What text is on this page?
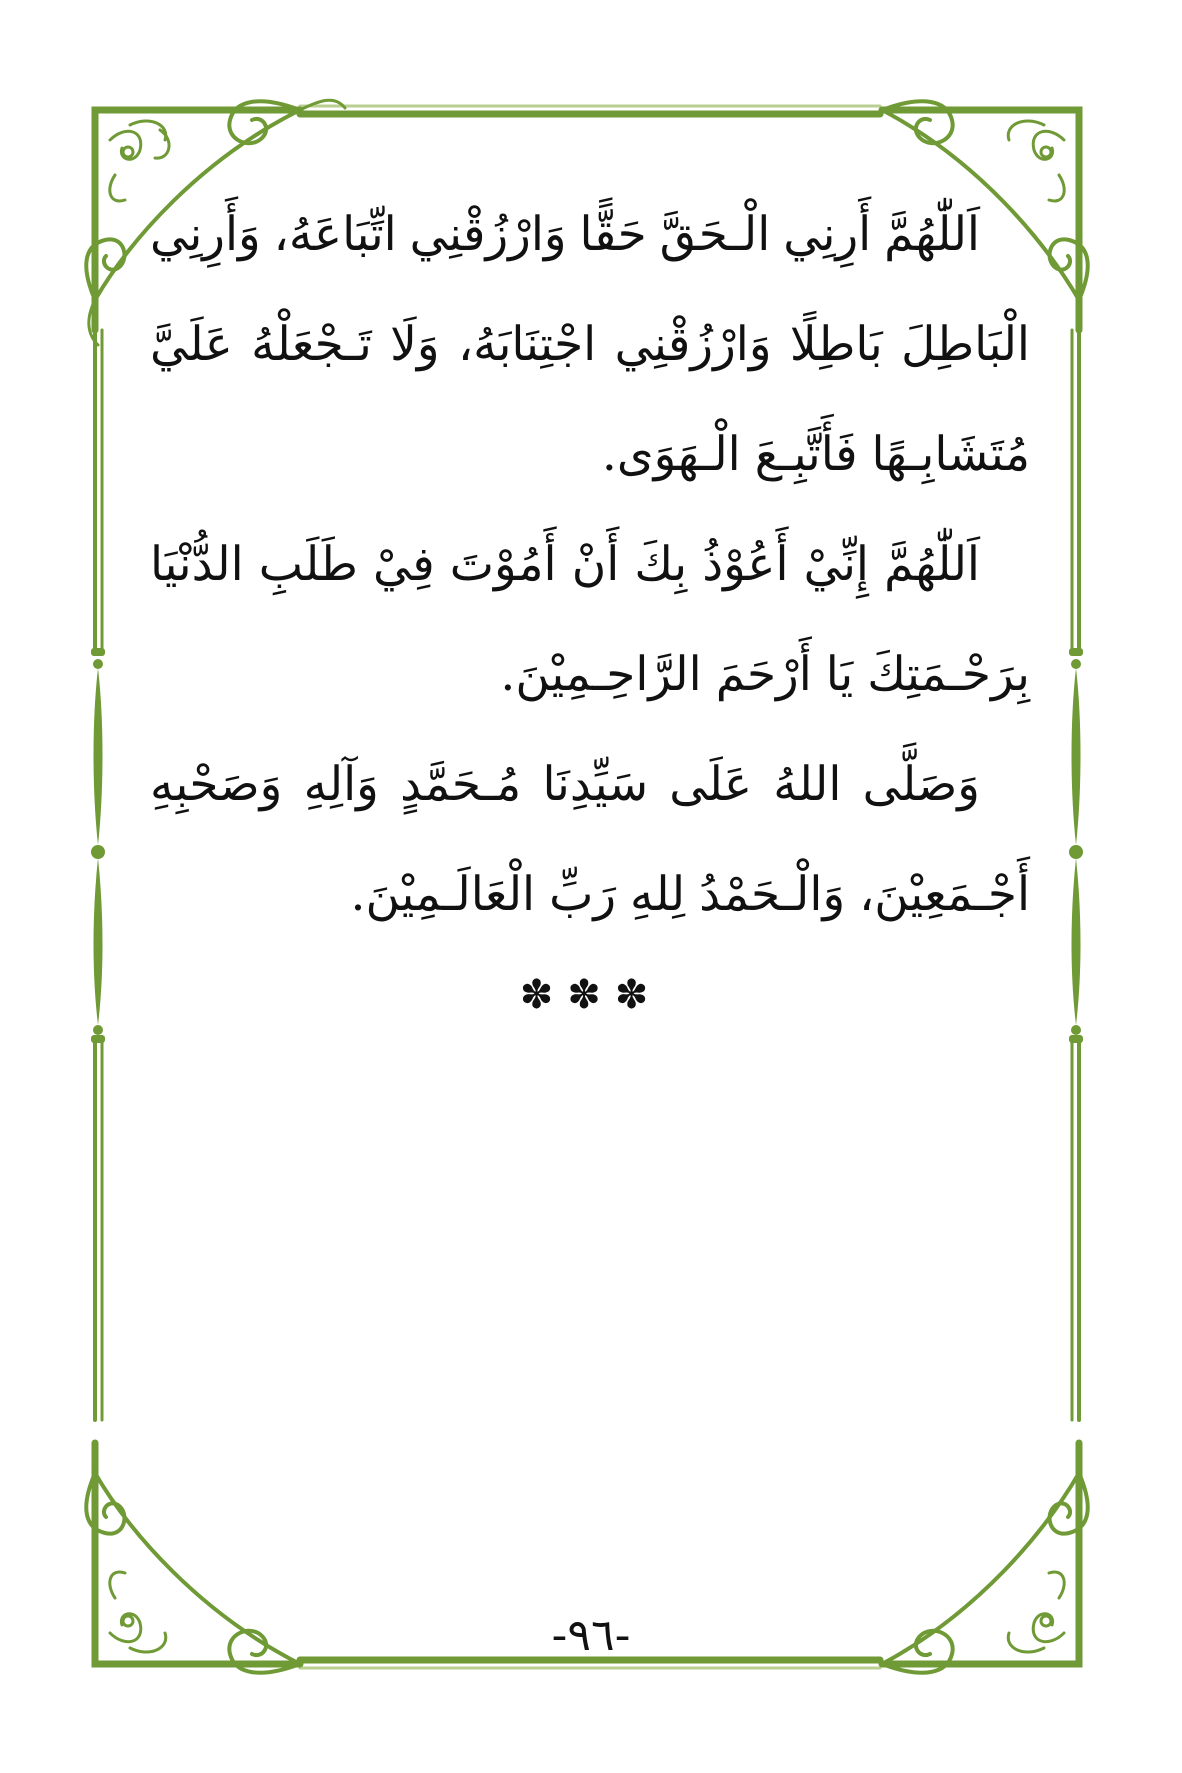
اَللّٰهُمَّ
أَرِنِي
الْـحَقَّ
حَقًّا
وَارْزُقْنِي
اتِّبَاعَهُ،
وَأَرِنِي
الْبَاطِلَ
بَاطِلًا
وَارْزُقْنِي
اجْتِنَابَهُ،
وَلَا
تَـجْعَلْهُ
عَلَيَّ
مُتَشَابِـهًا
فَأَتَّبِـعَ
الْـهَوَى.
اَللّٰهُمَّ
إِنِّيْ
أَعُوْذُ
بِكَ
أَنْ
أَمُوْتَ
فِيْ
طَلَبِ
الدُّنْيَا
بِرَحْـمَتِكَ
يَا
أَرْحَمَ
الرَّاحِـمِيْنَ.
وَصَلَّى
اللهُ
عَلَى
سَيِّدِنَا
مُـحَمَّدٍ
وَآلِهِ
وَصَحْبِهِ
أَجْـمَعِيْنَ،
وَالْـحَمْدُ
لِلهِ
رَبِّ
الْعَالَـمِيْنَ.
✽✽✽
-٩٦-
